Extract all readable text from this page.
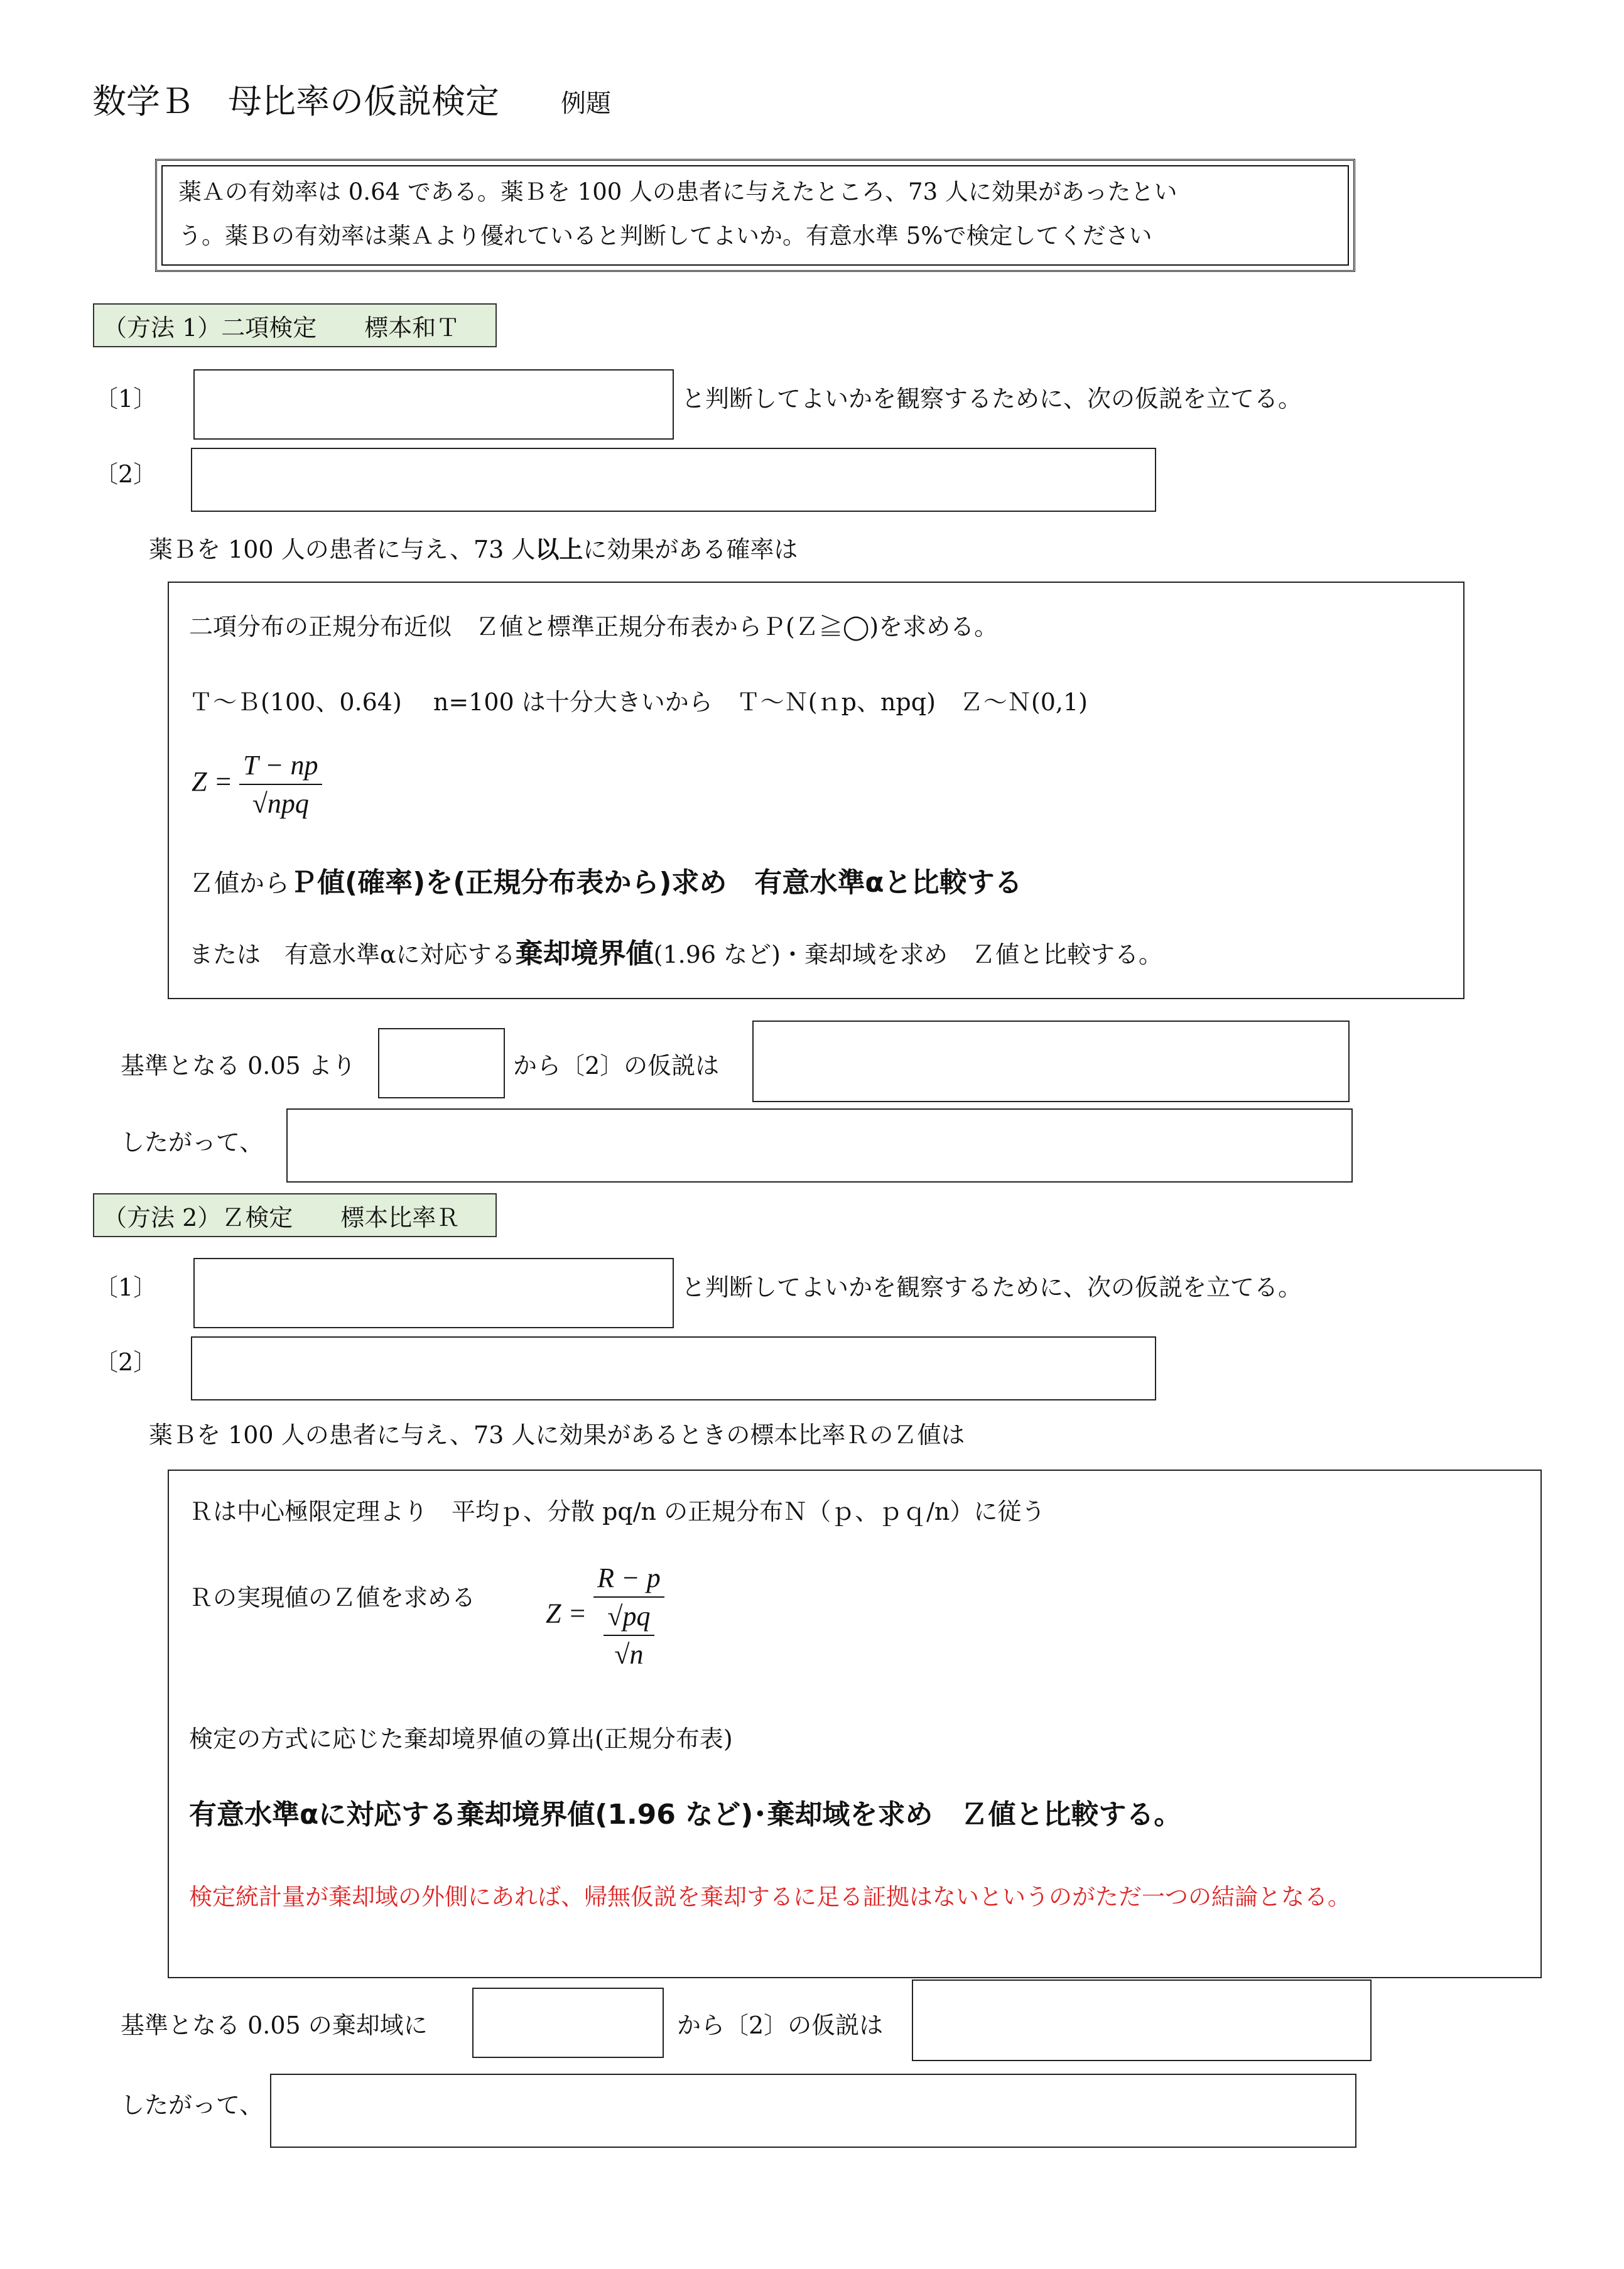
数学Ｂ　母比率の仮説検定 例題
薬Ａの有効率は 0.64 である。薬Ｂを 100 人の患者に与えたところ、73 人に効果があったとい
う。薬Ｂの有効率は薬Ａより優れていると判断してよいか。有意水準 5%で検定してください
（方法 1）二項検定　　標本和Ｔ
〔1〕	と判断してよいかを観察するために、次の仮説を立てる。
〔2〕
薬Ｂを 100 人の患者に与え、73 人以上に効果がある確率は
二項分布の正規分布近似　Ｚ値と標準正規分布表からＰ(Ｚ≧◯)を求める。
Ｔ〜Ｂ(100、0.64)　 n=100 は十分大きいから　Ｔ〜Ｎ(ｎp、npq)　Ｚ〜Ｎ(0,1)
$Z = \frac{T - np}{\text{√npq}}$
Ｚ値からＰ値(確率)を(正規分布表から)求め　有意水準αと比較する
または　有意水準αに対応する棄却境界値(1.96 など)・棄却域を求め　Ｚ値と比較する。
基準となる 0.05 より	から〔2〕の仮説は
したがって、
（方法 2）Ｚ検定　　標本比率Ｒ
〔1〕	と判断してよいかを観察するために、次の仮説を立てる。
〔2〕
薬Ｂを 100 人の患者に与え、73 人に効果があるときの標本比率ＲのＺ値は
Ｒは中心極限定理より　平均ｐ、分散 pq/n の正規分布Ｎ（ｐ、ｐｑ/n）に従う
Ｒの実現値のＺ値を求める
$Z = \frac{R - p}{\frac{√pq}{√n}}$
検定の方式に応じた棄却境界値の算出(正規分布表)
有意水準αに対応する棄却境界値(1.96 など)･棄却域を求め　Ｚ値と比較する。
検定統計量が棄却域の外側にあれば、帰無仮説を棄却するに足る証拠はないというのがただ一つの結論となる。
基準となる 0.05 の棄却域に	から〔2〕の仮説は
したがって、
